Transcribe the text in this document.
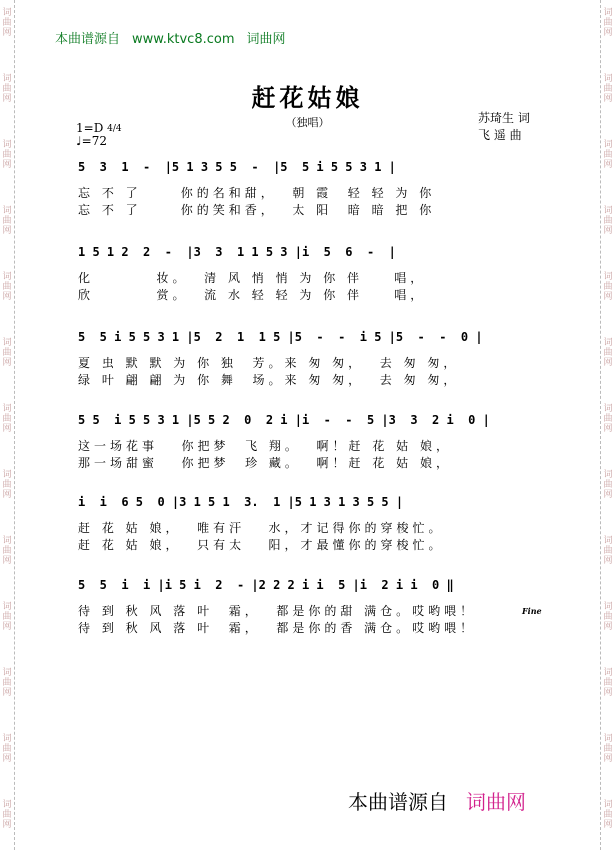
词
曲
网
词
曲
网
词
曲
网
词
曲
网
词
曲
网
词
曲
网
词
曲
网
词
曲
网
词
曲
网
词
曲
网
词
曲
网
词
曲
网
词
曲
网
词
曲
网
词
曲
网
词
曲
网
词
曲
网
词
曲
网
词
曲
网
词
曲
网
词
曲
网
词
曲
网
词
曲
网
词
曲
网
词
曲
网
词
曲
网
本曲谱源自 www.ktvc8.com 词曲网
赶花姑娘
（独唱）
1=D 4/4
♩=72
苏琦生 词
飞 遥 曲
5  3  1  -  |5 1 3 5 5  -  |5  5 i 5 5 3 1 |
忘 不 了     你的名和甜，  朝 霞  轻 轻 为 你
忘 不 了     你的笑和香，  太 阳  暗 暗 把 你
1 5 1 2  2  -  |3  3  1 1 5 3 |i  5  6  -  |
化        妆。  清 风 悄 悄 为 你 伴    唱，
欣        赏。  流 水 轻 轻 为 你 伴    唱，
5  5 i 5 5 3 1 |5  2  1  1 5 |5  -  -  i 5 |5  -  -  0 |
夏 虫 默 默 为 你 独  芳。来 匆 匆，  去 匆 匆，
绿 叶 翩 翩 为 你 舞  场。来 匆 匆，  去 匆 匆，
5 5  i 5 5 3 1 |5 5 2  0  2 i |i  -  -  5 |3  3  2 i  0 |
这一场花事   你把梦  飞 翔。  啊！赶 花 姑 娘，
那一场甜蜜   你把梦  珍 藏。  啊！赶 花 姑 娘，
i  i  6 5  0 |3 1 5 1  3.  1 |5 1 3 1 3 5 5 |
赶 花 姑 娘，  唯有汗   水，才记得你的穿梭忙。
赶 花 姑 娘，  只有太   阳，才最懂你的穿梭忙。
5  5  i  i |i 5 i  2  - |2 2 2 i i  5 |i  2 i i  0 ‖
待 到 秋 风 落 叶  霜，  都是你的甜 满仓。哎哟喂！
待 到 秋 风 落 叶  霜，  都是你的香 满仓。哎哟喂！
Fine
本曲谱源自 词曲网
